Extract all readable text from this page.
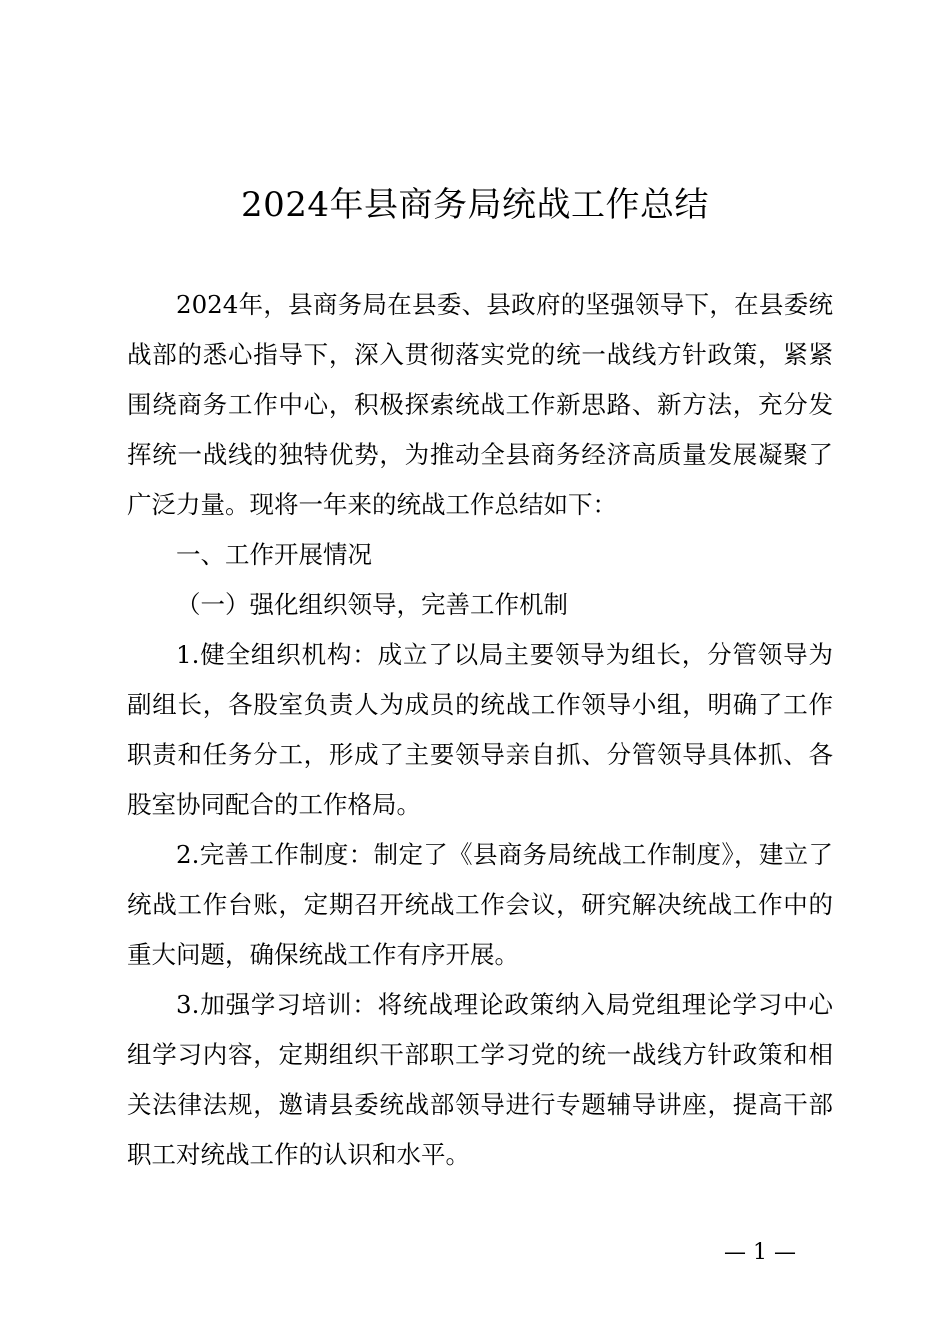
2024年县商务局统战工作总结

2024年，县商务局在县委、县政府的坚强领导下，在县委统战部的悉心指导下，深入贯彻落实党的统一战线方针政策，紧紧围绕商务工作中心，积极探索统战工作新思路、新方法，充分发挥统一战线的独特优势，为推动全县商务经济高质量发展凝聚了广泛力量。现将一年来的统战工作总结如下：

一、工作开展情况

（一）强化组织领导，完善工作机制

1.健全组织机构：成立了以局主要领导为组长，分管领导为副组长，各股室负责人为成员的统战工作领导小组，明确了工作职责和任务分工，形成了主要领导亲自抓、分管领导具体抓、各股室协同配合的工作格局。

2.完善工作制度：制定了《县商务局统战工作制度》，建立了统战工作台账，定期召开统战工作会议，研究解决统战工作中的重大问题，确保统战工作有序开展。

3.加强学习培训：将统战理论政策纳入局党组理论学习中心组学习内容，定期组织干部职工学习党的统一战线方针政策和相关法律法规，邀请县委统战部领导进行专题辅导讲座，提高干部职工对统战工作的认识和水平。

— 1 —
